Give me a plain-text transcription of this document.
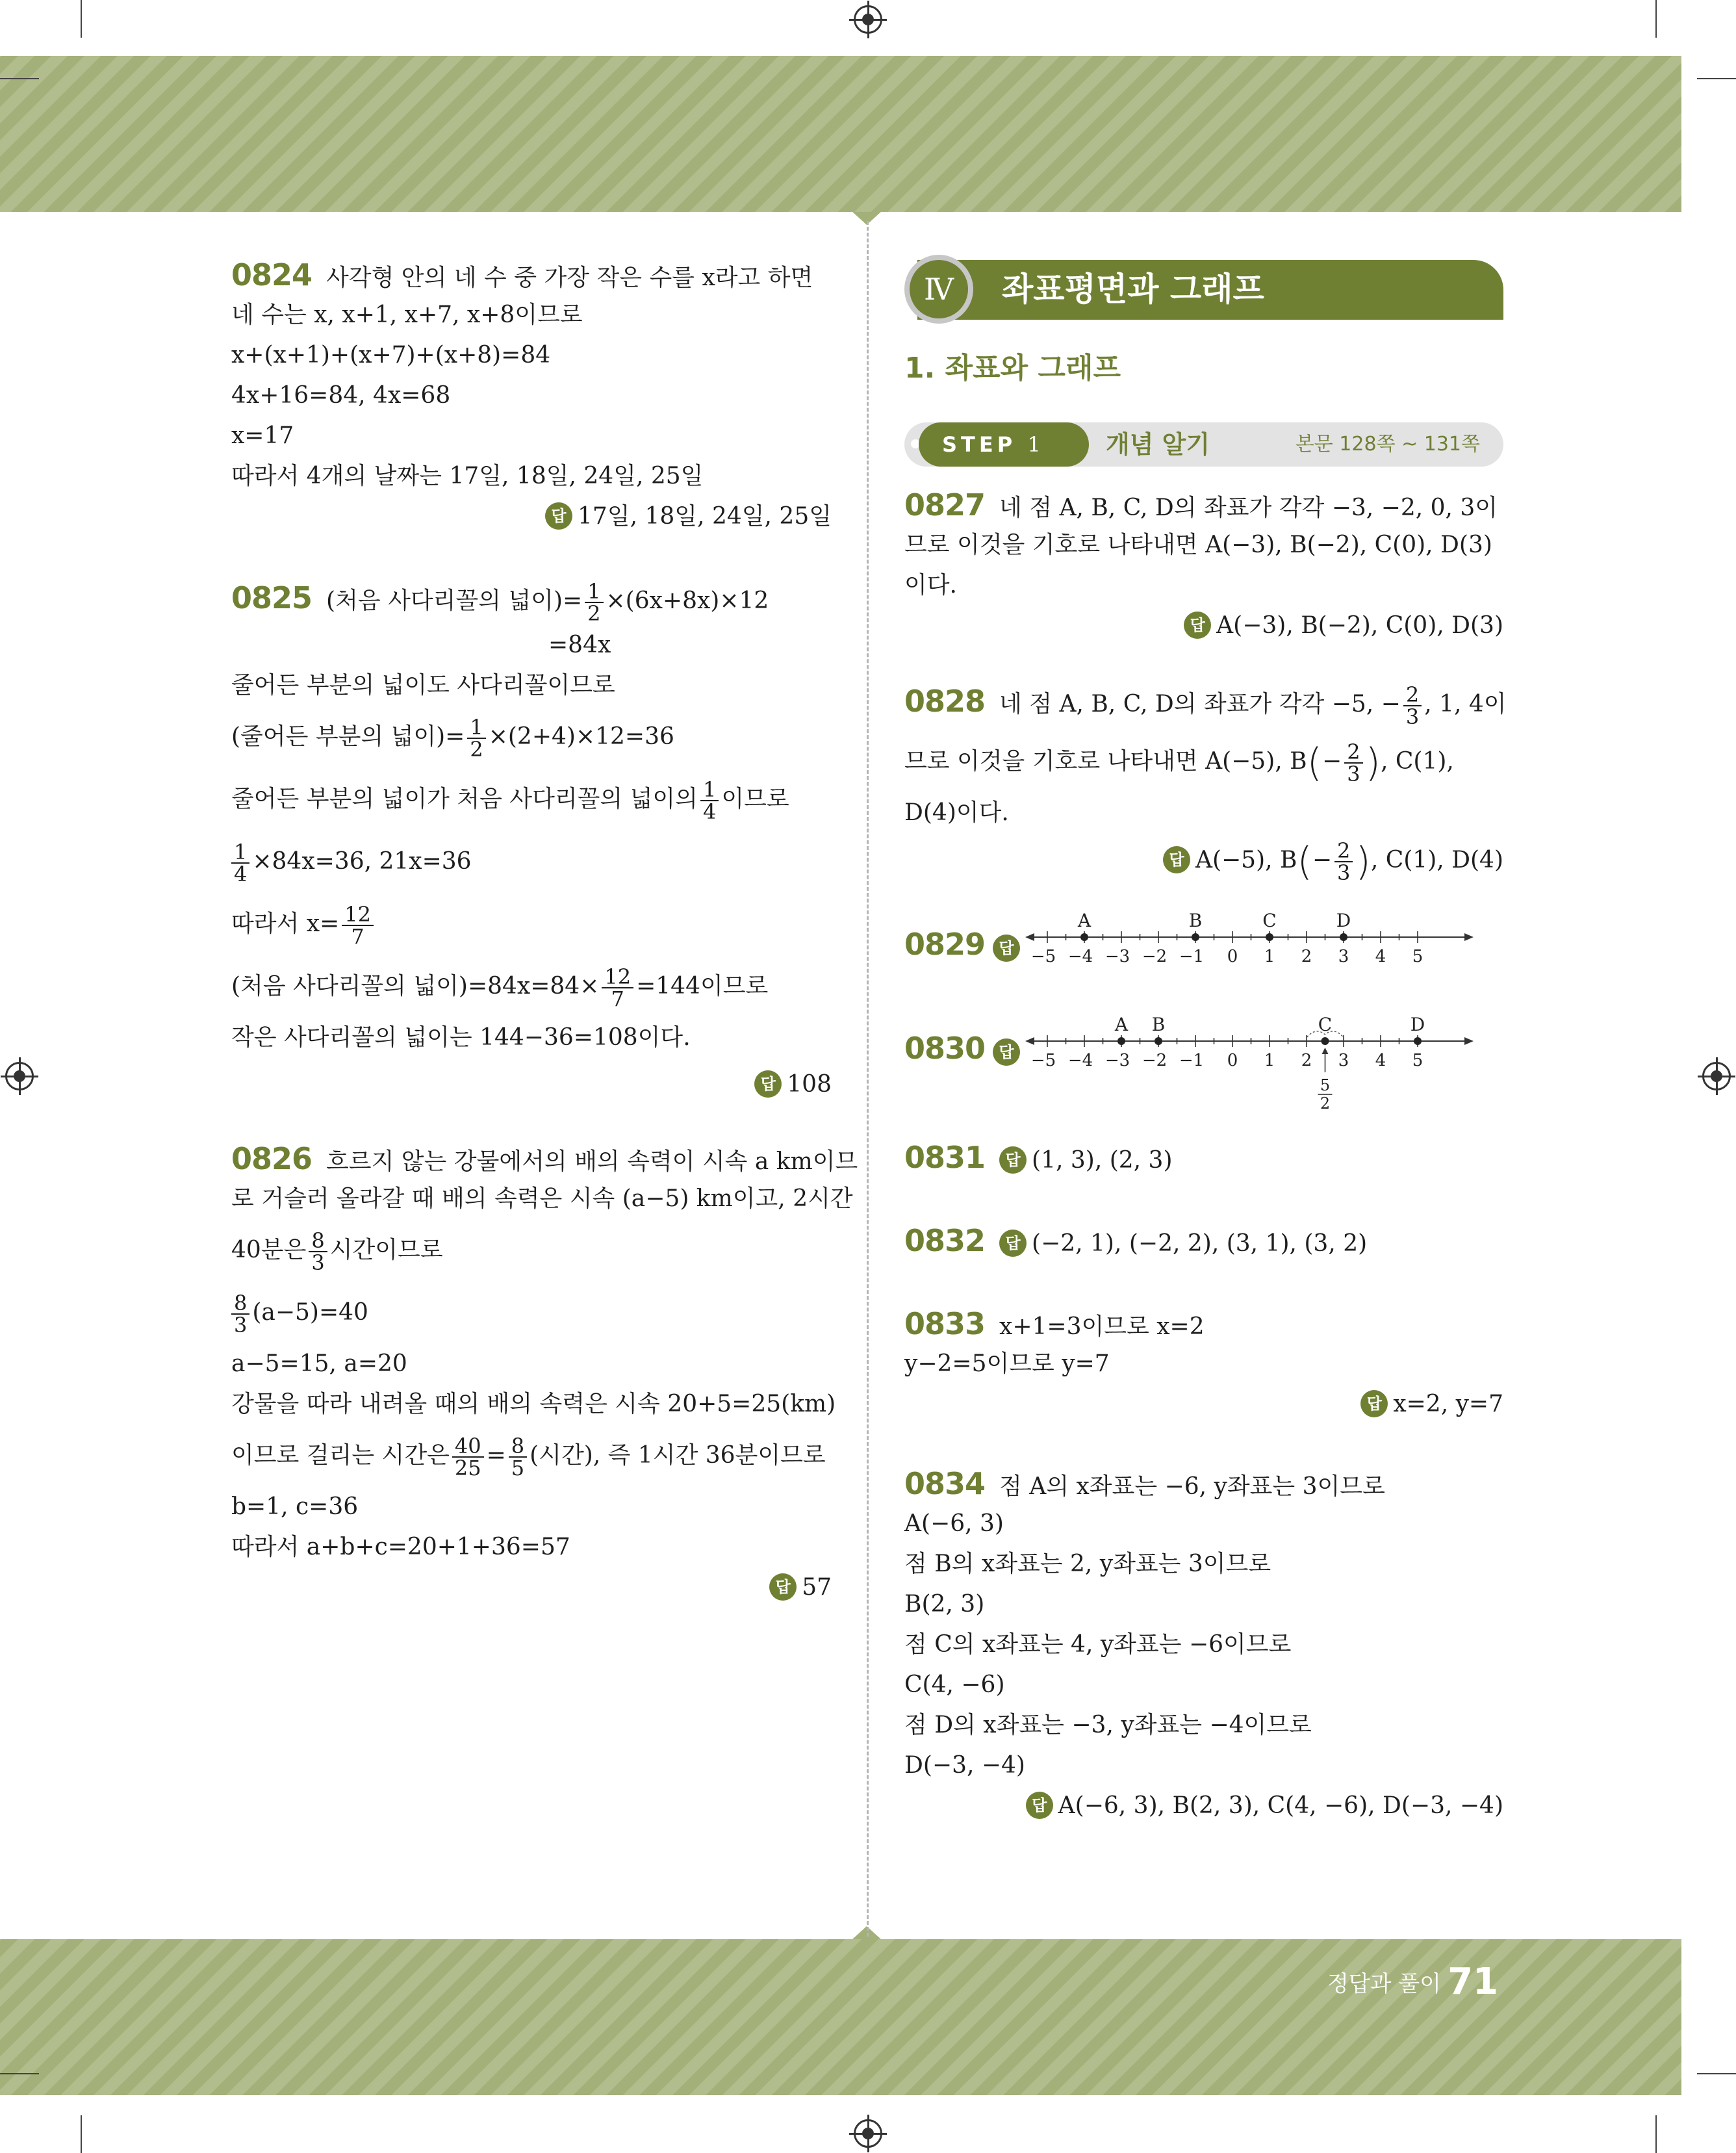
0824 사각형 안의 네 수 중 가장 작은 수를 x라고 하면
네 수는 x, x+1, x+7, x+8이므로
x+(x+1)+(x+7)+(x+8)=84
4x+16=84, 4x=68
x=17
따라서 4개의 날짜는 17일, 18일, 24일, 25일
답 17일, 18일, 24일, 25일
0825 (처음 사다리꼴의 넓이)= $\frac{1}{2} \times(6x+8x)\times 12$
=84x
줄어든 부분의 넓이도 사다리꼴이므로
(줄어든 부분의 넓이)= $\frac{1}{2} \times(2+4)\times 12=36$
줄어든 부분의 넓이가 처음 사다리꼴의 넓이의 $\frac{1}{4}$ 이므로
$\frac{1}{4} \times 84x=36$, 21x=36
따라서 $x= \frac{12}{7}$
(처음 사다리꼴의 넓이)$=84x=84\times \frac{12}{7} =144$이므로
작은 사다리꼴의 넓이는 144−36=108이다.
답 108
0826 흐르지 않는 강물에서의 배의 속력이 시속 a km이므
로 거슬러 올라갈 때 배의 속력은 시속 (a−5) km이고, 2시간
40분은 $\frac{8}{3}$ 시간이므로
$\frac{8}{3} (a-5)=40$
a−5=15, a=20
강물을 따라 내려올 때의 배의 속력은 시속 20+5=25(km)
이므로 걸리는 시간은 $\frac{40}{25} = \frac{8}{5}$ (시간), 즉 1시간 36분이므로
b=1, c=36
따라서 a+b+c=20+1+36=57
답 57
Ⅳ	좌표평면과 그래프
1. 좌표와 그래프
STEP 1	개념 알기	본문 128쪽 ~ 131쪽
0827 네 점 A, B, C, D의 좌표가 각각 −3, −2, 0, 3이
므로 이것을 기호로 나타내면 A(−3), B(−2), C(0), D(3)
이다.
답 A(−3), B(−2), C(0), D(3)
0828 네 점 A, B, C, D의 좌표가 각각 −5, − $\frac{2}{3}$ , 1, 4이
므로 이것을 기호로 나타내면 A(−5), $B(- \frac{2}{3}$ ), C(1),
D(4)이다.
답 A(−5), $B(- \frac{2}{3}$ ), C(1), D(4)
0829 답	−5 −4 −3 −2 −1 0 1 2 3 4 5
A	B	C	D
0830 답	−5 −4 −3 −2 −1 0 1 2 3 4 5
A B	C	D
5
2
0831 답 (1, 3), (2, 3)
0832 답 (−2, 1), (−2, 2), (3, 1), (3, 2)
0833 x+1=3이므로 x=2
y−2=5이므로 y=7
답 x=2, y=7
0834 점 A의 x좌표는 −6, y좌표는 3이므로
A(−6, 3)
점 B의 x좌표는 2, y좌표는 3이므로
B(2, 3)
점 C의 x좌표는 4, y좌표는 −6이므로
C(4, −6)
점 D의 x좌표는 −3, y좌표는 −4이므로
D(−3, −4)
답 A(−6, 3), B(2, 3), C(4, −6), D(−3, −4)
정답과 풀이 71
